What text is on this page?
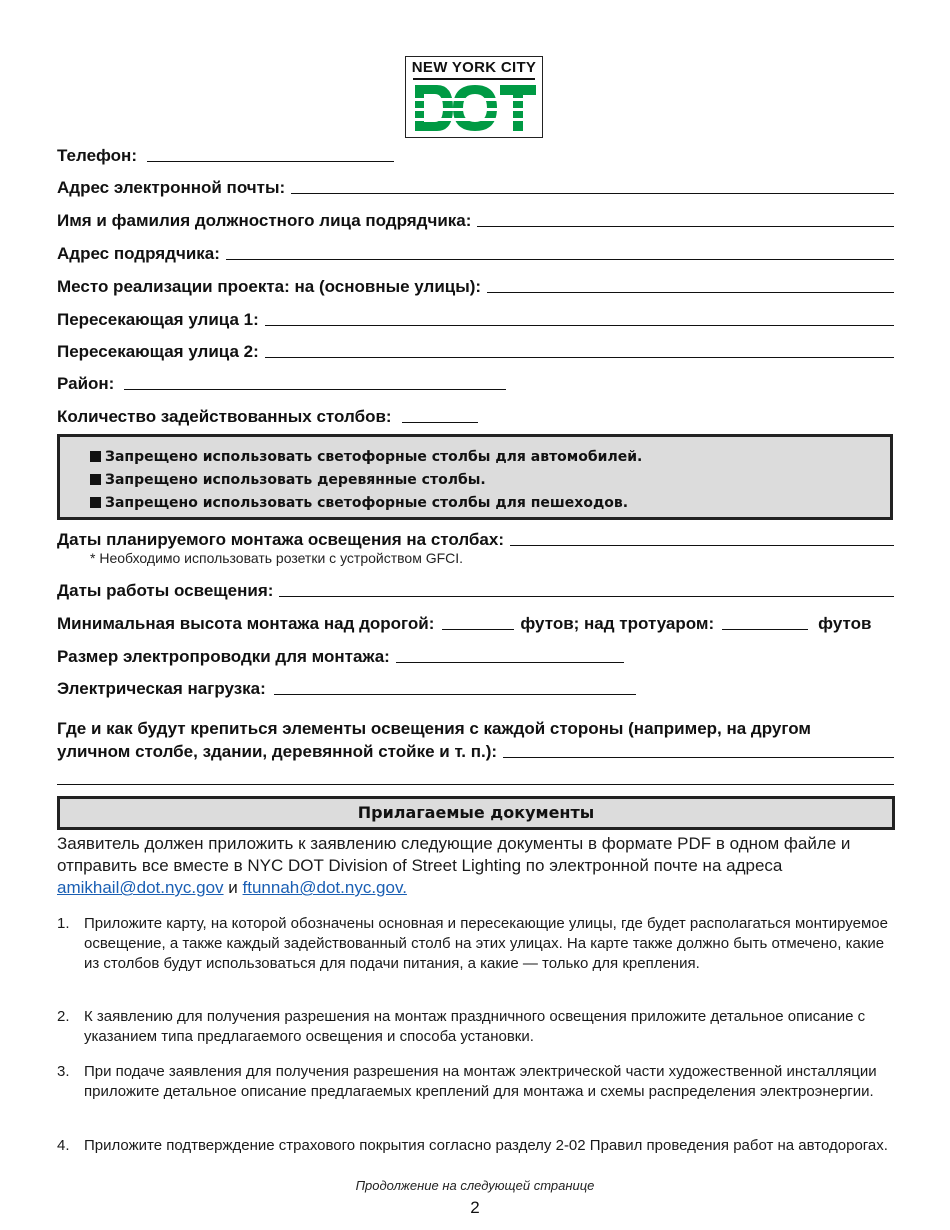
NEW YORK CITY
Телефон:
Адрес электронной почты:
Имя и фамилия должностного лица подрядчика:
Адрес подрядчика:
Место реализации проекта: на (основные улицы):
Пересекающая улица 1:
Пересекающая улица 2:
Район:
Количество задействованных столбов:
Запрещено использовать светофорные столбы для автомобилей.
Запрещено использовать деревянные столбы.
Запрещено использовать светофорные столбы для пешеходов.
Даты планируемого монтажа освещения на столбах:
* Необходимо использовать розетки с устройством GFCI.
Даты работы освещения:
Минимальная высота монтажа над дорогой:	футов; над тротуаром:	футов
Размер электропроводки для монтажа:
Электрическая нагрузка:
Где и как будут крепиться элементы освещения с каждой стороны (например, на другом
уличном столбе, здании, деревянной стойке и т. п.):
Прилагаемые документы
Заявитель должен приложить к заявлению следующие документы в формате PDF в одном файле и отправить все вместе в NYC DOT Division of Street Lighting по электронной почте на адреса amikhail@dot.nyc.gov и ftunnah@dot.nyc.gov.
1. Приложите карту, на которой обозначены основная и пересекающие улицы, где будет располагаться монтируемое освещение, а также каждый задействованный столб на этих улицах. На карте также должно быть отмечено, какие из столбов будут использоваться для подачи питания, а какие — только для крепления.
2. К заявлению для получения разрешения на монтаж праздничного освещения приложите детальное описание с указанием типа предлагаемого освещения и способа установки.
3. При подаче заявления для получения разрешения на монтаж электрической части художественной инсталляции приложите детальное описание предлагаемых креплений для монтажа и схемы распределения электроэнергии.
4. Приложите подтверждение страхового покрытия согласно разделу 2-02 Правил проведения работ на автодорогах.
Продолжение на следующей странице
2
